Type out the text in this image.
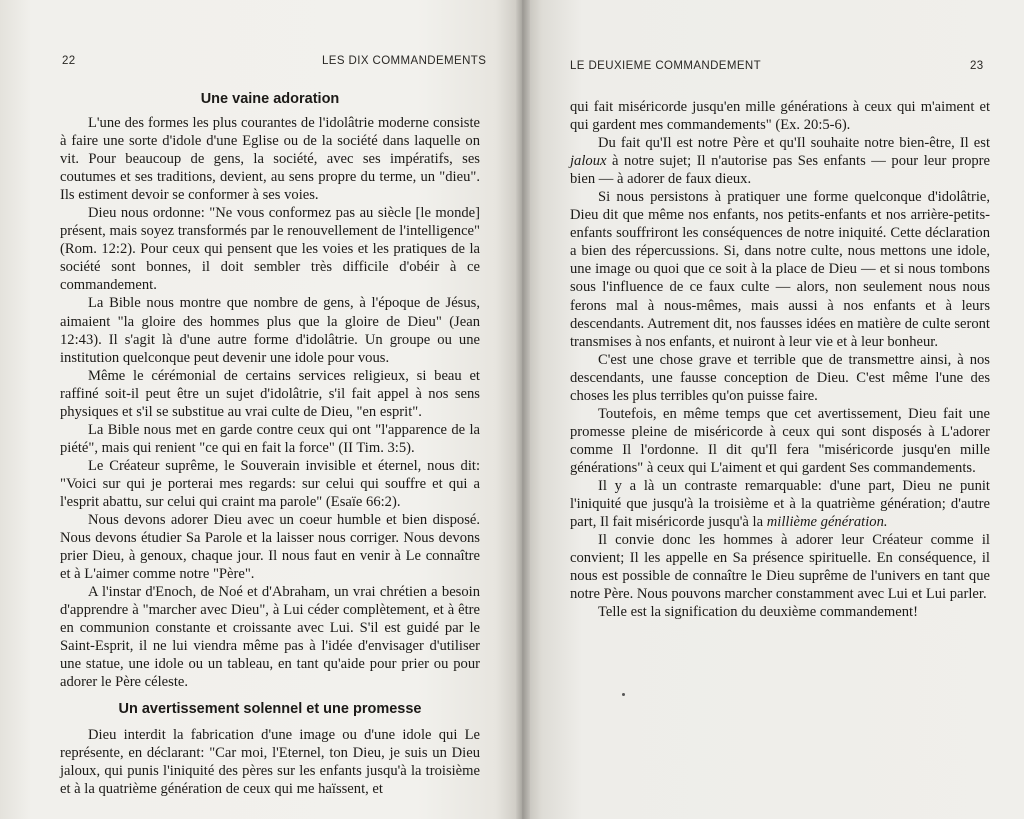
22	LES DIX COMMANDEMENTS
Une vaine adoration

L'une des formes les plus courantes de l'idolâtrie moderne consiste à faire une sorte d'idole d'une Eglise ou de la société dans laquelle on vit. Pour beaucoup de gens, la société, avec ses impératifs, ses coutumes et ses traditions, devient, au sens propre du terme, un "dieu". Ils estiment devoir se conformer à ses voies.

Dieu nous ordonne: "Ne vous conformez pas au siècle [le monde] présent, mais soyez transformés par le renouvellement de l'intelligence" (Rom. 12:2). Pour ceux qui pensent que les voies et les pratiques de la société sont bonnes, il doit sembler très difficile d'obéir à ce commandement.

La Bible nous montre que nombre de gens, à l'époque de Jésus, aimaient "la gloire des hommes plus que la gloire de Dieu" (Jean 12:43). Il s'agit là d'une autre forme d'idolâtrie. Un groupe ou une institution quelconque peut devenir une idole pour vous.

Même le cérémonial de certains services religieux, si beau et raffiné soit-il peut être un sujet d'idolâtrie, s'il fait appel à nos sens physiques et s'il se substitue au vrai culte de Dieu, "en esprit".

La Bible nous met en garde contre ceux qui ont "l'apparence de la piété", mais qui renient "ce qui en fait la force" (II Tim. 3:5).

Le Créateur suprême, le Souverain invisible et éternel, nous dit: "Voici sur qui je porterai mes regards: sur celui qui souffre et qui a l'esprit abattu, sur celui qui craint ma parole" (Esaïe 66:2).

Nous devons adorer Dieu avec un coeur humble et bien disposé. Nous devons étudier Sa Parole et la laisser nous corriger. Nous devons prier Dieu, à genoux, chaque jour. Il nous faut en venir à Le connaître et à L'aimer comme notre "Père".

A l'instar d'Enoch, de Noé et d'Abraham, un vrai chrétien a besoin d'apprendre à "marcher avec Dieu", à Lui céder complètement, et à être en communion constante et croissante avec Lui. S'il est guidé par le Saint-Esprit, il ne lui viendra même pas à l'idée d'envisager d'utiliser une statue, une idole ou un tableau, en tant qu'aide pour prier ou pour adorer le Père céleste.

Un avertissement solennel et une promesse

Dieu interdit la fabrication d'une image ou d'une idole qui Le représente, en déclarant: "Car moi, l'Eternel, ton Dieu, je suis un Dieu jaloux, qui punis l'iniquité des pères sur les enfants jusqu'à la troisième et à la quatrième génération de ceux qui me haïssent, et

LE DEUXIEME COMMANDEMENT	23

qui fait miséricorde jusqu'en mille générations à ceux qui m'aiment et qui gardent mes commandements" (Ex. 20:5-6).

Du fait qu'Il est notre Père et qu'Il souhaite notre bien-être, Il est jaloux à notre sujet; Il n'autorise pas Ses enfants — pour leur propre bien — à adorer de faux dieux.

Si nous persistons à pratiquer une forme quelconque d'idolâtrie, Dieu dit que même nos enfants, nos petits-enfants et nos arrière-petits-enfants souffriront les conséquences de notre iniquité. Cette déclaration a bien des répercussions. Si, dans notre culte, nous mettons une idole, une image ou quoi que ce soit à la place de Dieu — et si nous tombons sous l'influence de ce faux culte — alors, non seulement nous nous ferons mal à nous-mêmes, mais aussi à nos enfants et à leurs descendants. Autrement dit, nos fausses idées en matière de culte seront transmises à nos enfants, et nuiront à leur vie et à leur bonheur.

C'est une chose grave et terrible que de transmettre ainsi, à nos descendants, une fausse conception de Dieu. C'est même l'une des choses les plus terribles qu'on puisse faire.

Toutefois, en même temps que cet avertissement, Dieu fait une promesse pleine de miséricorde à ceux qui sont disposés à L'adorer comme Il l'ordonne. Il dit qu'Il fera "miséricorde jusqu'en mille générations" à ceux qui L'aiment et qui gardent Ses commandements.

Il y a là un contraste remarquable: d'une part, Dieu ne punit l'iniquité que jusqu'à la troisième et à la quatrième génération; d'autre part, Il fait miséricorde jusqu'à la millième génération.

Il convie donc les hommes à adorer leur Créateur comme il convient; Il les appelle en Sa présence spirituelle. En conséquence, il nous est possible de connaître le Dieu suprême de l'univers en tant que notre Père. Nous pouvons marcher constamment avec Lui et Lui parler.

Telle est la signification du deuxième commandement!
